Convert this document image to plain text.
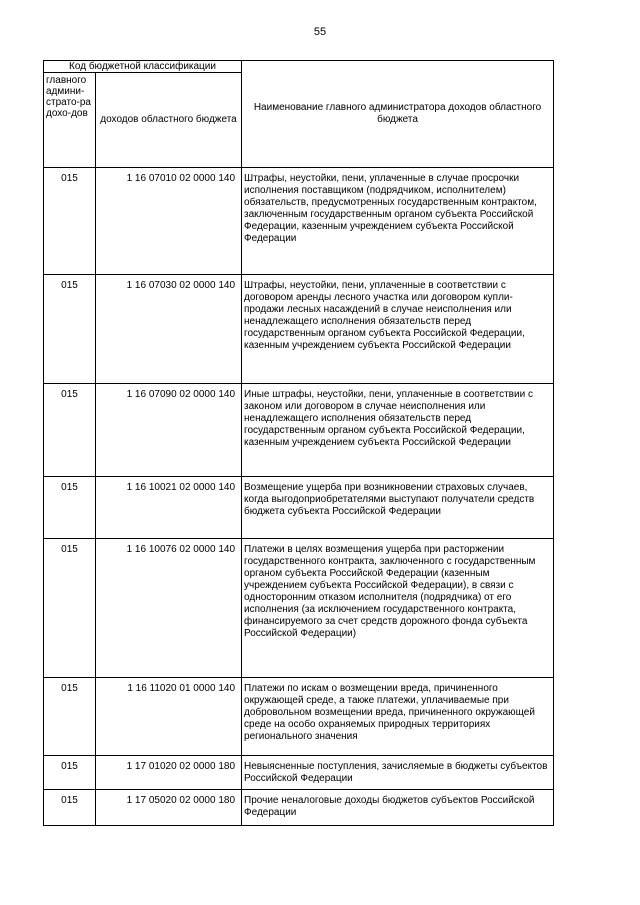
55
Код бюджетной классификации		Наименование главного администратора доходов областного бюджета
главного админи-страто-ра дохо-дов	доходов областного бюджета	
015	1 16 07010 02 0000 140	Штрафы, неустойки, пени, уплаченные в случае просрочки исполнения поставщиком (подрядчиком, исполнителем) обязательств, предусмотренных государственным контрактом, заключенным государственным органом субъекта Российской Федерации, казенным учреждением субъекта Российской Федерации
015	1 16 07030 02 0000 140	Штрафы, неустойки, пени, уплаченные в соответствии с договором аренды лесного участка или договором купли-продажи лесных насаждений в случае неисполнения или ненадлежащего исполнения обязательств перед государственным органом субъекта Российской Федерации, казенным учреждением субъекта Российской Федерации
015	1 16 07090 02 0000 140	Иные штрафы, неустойки, пени, уплаченные в соответствии с законом или договором в случае неисполнения или ненадлежащего исполнения обязательств перед государственным органом субъекта Российской Федерации, казенным учреждением субъекта Российской Федерации
015	1 16 10021 02 0000 140	Возмещение ущерба при возникновении страховых случаев, когда выгодоприобретателями выступают получатели средств бюджета субъекта Российской Федерации
015	1 16 10076 02 0000 140	Платежи в целях возмещения ущерба при расторжении государственного контракта, заключенного с государственным органом субъекта Российской Федерации (казенным учреждением субъекта Российской Федерации), в связи с односторонним отказом исполнителя (подрядчика) от его исполнения (за исключением государственного контракта, финансируемого за счет средств дорожного фонда субъекта Российской Федерации)
015	1 16 11020 01 0000 140	Платежи по искам о возмещении вреда, причиненного окружающей среде, а также платежи, уплачиваемые при добровольном возмещении вреда, причиненного окружающей среде на особо охраняемых природных территориях регионального значения
015	1 17 01020 02 0000 180	Невыясненные поступления, зачисляемые в бюджеты субъектов Российской Федерации
015	1 17 05020 02 0000 180	Прочие неналоговые доходы бюджетов субъектов Российской Федерации
